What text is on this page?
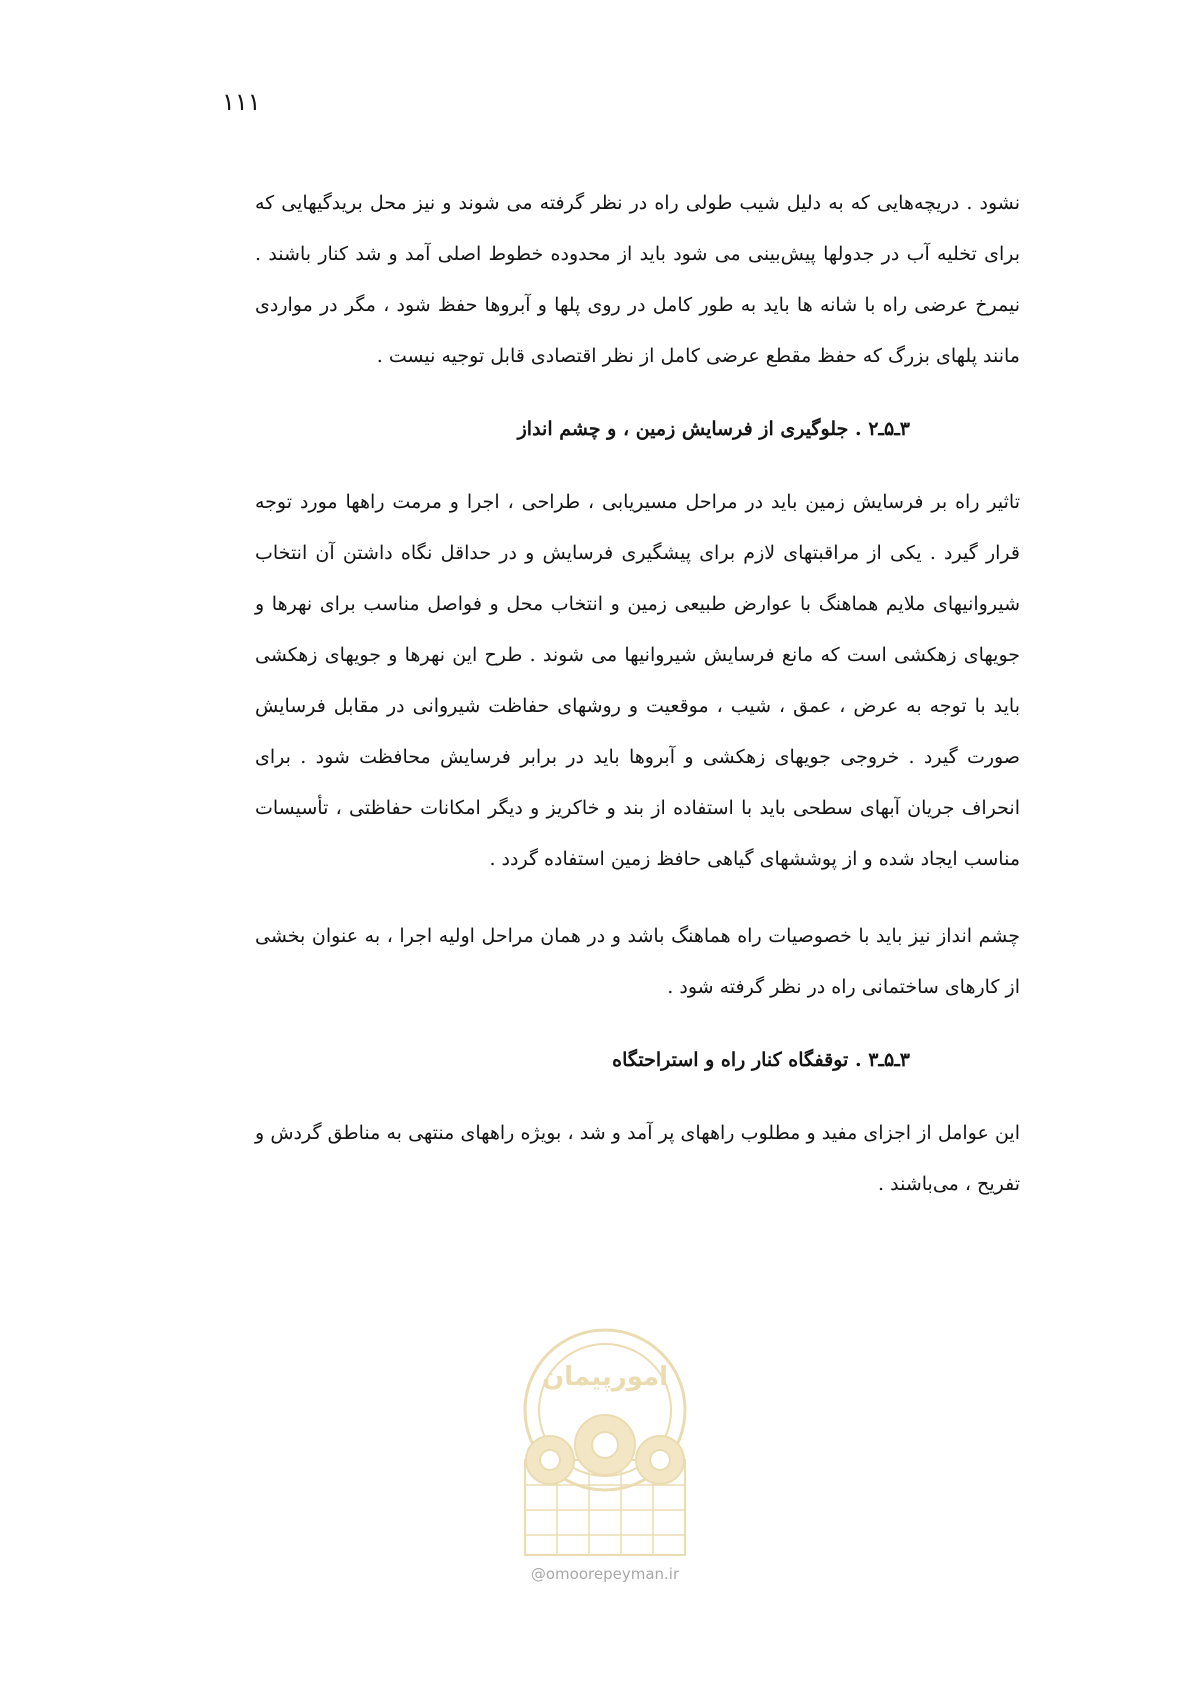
۱۱۱

نشود . دریچه‌هایی که به دلیل شیب طولی راه در نظر گرفته می شوند و نیز محل بریدگیهایی که برای تخلیه آب در جدولها پیش‌بینی می شود باید از محدوده خطوط اصلی آمد و شد کنار باشند . نیمرخ عرضی راه با شانه ها باید به طور کامل در روی پلها و آبروها حفظ شود ، مگر در مواردی مانند پلهای بزرگ که حفظ مقطع عرضی کامل از نظر اقتصادی قابل توجیه نیست .

۳ـ۵ـ۲ . جلوگیری از فرسایش زمین ، و چشم انداز

تاثیر راه بر فرسایش زمین باید در مراحل مسیریابی ، طراحی ، اجرا و مرمت راهها مورد توجه قرار گیرد . یکی از مراقبتهای لازم برای پیشگیری فرسایش و در حداقل نگاه داشتن آن انتخاب شیروانیهای ملایم هماهنگ با عوارض طبیعی زمین و انتخاب محل و فواصل مناسب برای نهرها و جویهای زهکشی است که مانع فرسایش شیروانیها می شوند . طرح این نهرها و جویهای زهکشی باید با توجه به عرض ، عمق ، شیب ، موقعیت و روشهای حفاظت شیروانی در مقابل فرسایش صورت گیرد . خروجی جویهای زهکشی و آبروها باید در برابر فرسایش محافظت شود . برای انحراف جریان آبهای سطحی باید با استفاده از بند و خاکریز و دیگر امکانات حفاظتی ، تأسیسات مناسب ایجاد شده و از پوششهای گیاهی حافظ زمین استفاده گردد .

چشم انداز نیز باید با خصوصیات راه هماهنگ باشد و در همان مراحل اولیه اجرا ، به عنوان بخشی از کارهای ساختمانی راه در نظر گرفته شود .

۳ـ۵ـ۳ . توقفگاه کنار راه و استراحتگاه

این عوامل از اجزای مفید و مطلوب راههای پر آمد و شد ، بویژه راههای منتهی به مناطق گردش و تفریح ، می‌باشند .

امورپیمان
@omoorepeyman.ir
